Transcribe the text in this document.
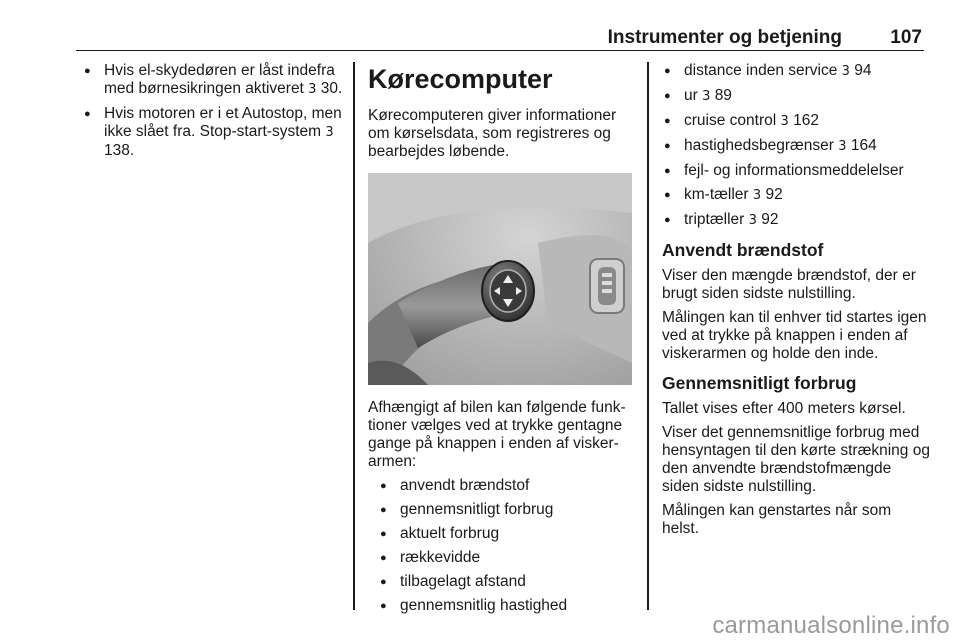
Instrumenter og betjening	107
● Hvis el-skydedøren er låst indefra med børnesikringen aktiveret 3 30.
● Hvis motoren er i et Autostop, men ikke slået fra. Stop-start-system 3 138.
Kørecomputer

Kørecomputeren giver informationer om kørselsdata, som registreres og bearbejdes løbende.

Afhængigt af bilen kan følgende funktioner vælges ved at trykke gentagne gange på knappen i enden af viskerarmen:

● anvendt brændstof
● gennemsnitligt forbrug
● aktuelt forbrug
● rækkevidde
● tilbagelagt afstand
● gennemsnitlig hastighed
● distance inden service 3 94
● ur 3 89
● cruise control 3 162
● hastighedsbegrænser 3 164
● fejl- og informationsmeddelelser
● km-tæller 3 92
● triptæller 3 92
Anvendt brændstof

Viser den mængde brændstof, der er brugt siden sidste nulstilling.

Målingen kan til enhver tid startes igen ved at trykke på knappen i enden af viskerarmen og holde den inde.

Gennemsnitligt forbrug

Tallet vises efter 400 meters kørsel.

Viser det gennemsnitlige forbrug med hensyntagen til den kørte strækning og den anvendte brændstofmængde siden sidste nulstilling.

Målingen kan genstartes når som helst.

carmanualsonline.info
